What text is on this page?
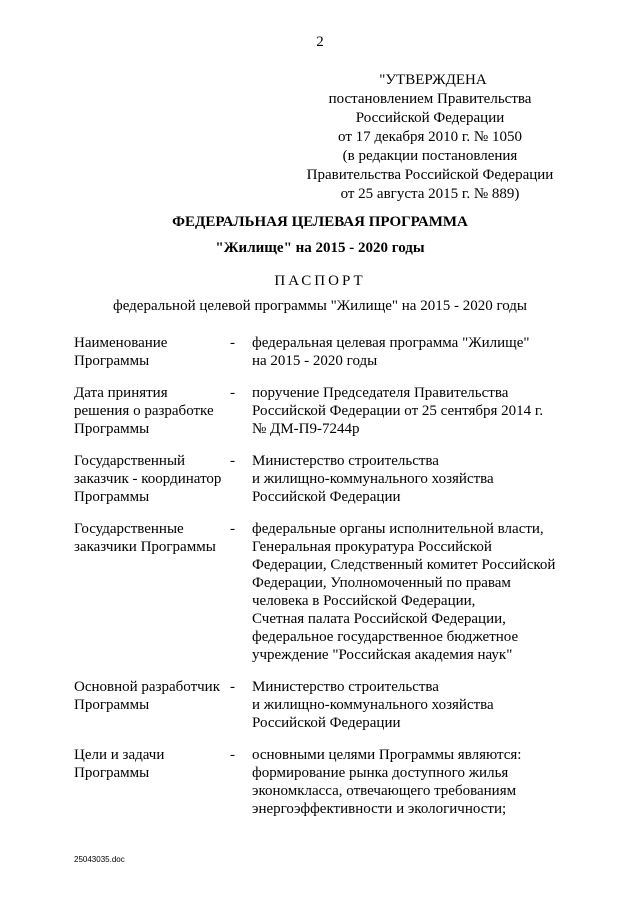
2
"УТВЕРЖДЕНА
постановлением Правительства
Российской Федерации
от 17 декабря 2010 г. № 1050
(в редакции постановления
Правительства Российской Федерации
от 25 августа 2015 г. № 889)
ФЕДЕРАЛЬНАЯ ЦЕЛЕВАЯ ПРОГРАММА
"Жилище" на 2015 - 2020 годы
ПАСПОРТ
федеральной целевой программы "Жилище" на 2015 - 2020 годы
Наименование
Программы
-	федеральная целевая программа "Жилище"
на 2015 - 2020 годы
Дата принятия
решения о разработке
Программы
-	поручение Председателя Правительства
Российской Федерации от 25 сентября 2014 г.
№ ДМ-П9-7244р
Государственный
заказчик - координатор
Программы
-	Министерство строительства
и жилищно-коммунального хозяйства
Российской Федерации
Государственные
заказчики Программы
-	федеральные органы исполнительной власти,
Генеральная прокуратура Российской
Федерации, Следственный комитет Российской
Федерации, Уполномоченный по правам
человека в Российской Федерации,
Счетная палата Российской Федерации,
федеральное государственное бюджетное
учреждение "Российская академия наук"
Основной разработчик
Программы
-	Министерство строительства
и жилищно-коммунального хозяйства
Российской Федерации
Цели и задачи
Программы
-	основными целями Программы являются:
формирование рынка доступного жилья
экономкласса, отвечающего требованиям
энергоэффективности и экологичности;
25043035.doc
